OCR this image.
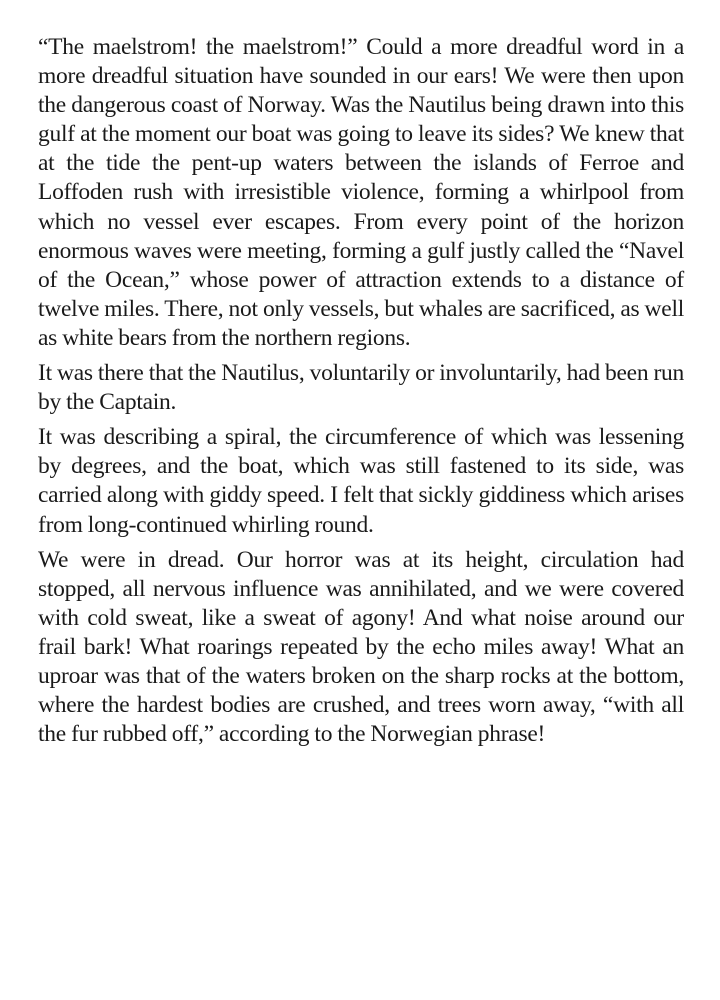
“The maelstrom! the maelstrom!” Could a more dreadful word in a more dreadful situation have sounded in our ears! We were then upon the dangerous coast of Norway. Was the Nautilus being drawn into this gulf at the moment our boat was going to leave its sides? We knew that at the tide the pent-up waters between the islands of Ferroe and Loffoden rush with irresistible violence, forming a whirlpool from which no vessel ever escapes. From every point of the horizon enormous waves were meeting, forming a gulf justly called the “Navel of the Ocean,” whose power of attraction extends to a distance of twelve miles. There, not only vessels, but whales are sacrificed, as well as white bears from the northern regions.

It was there that the Nautilus, voluntarily or involuntarily, had been run by the Captain.

It was describing a spiral, the circumference of which was lessening by degrees, and the boat, which was still fastened to its side, was carried along with giddy speed. I felt that sickly giddiness which arises from long-continued whirling round.

We were in dread. Our horror was at its height, circulation had stopped, all nervous influence was annihilated, and we were covered with cold sweat, like a sweat of agony! And what noise around our frail bark! What roarings repeated by the echo miles away! What an uproar was that of the waters broken on the sharp rocks at the bottom, where the hardest bodies are crushed, and trees worn away, “with all the fur rubbed off,” according to the Norwegian phrase!
